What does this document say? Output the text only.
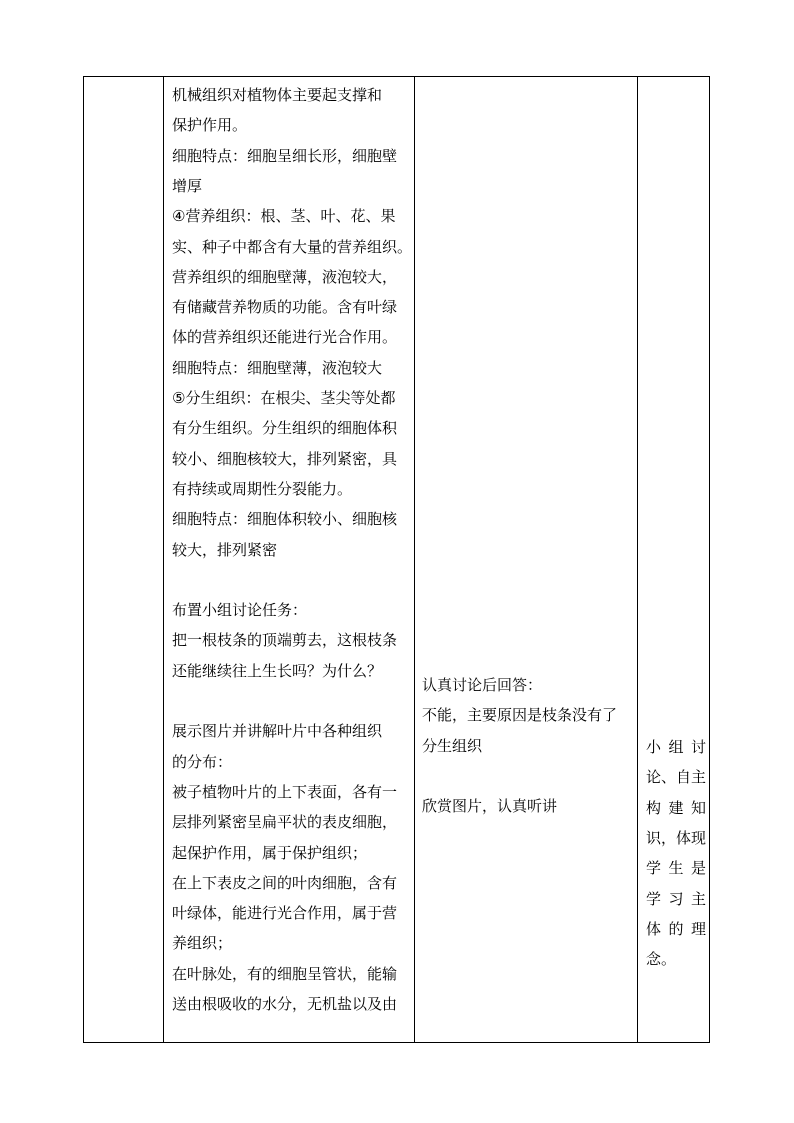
机械组织对植物体主要起支撑和
保护作用。
细胞特点：细胞呈细长形，细胞壁
增厚
④营养组织：根、茎、叶、花、果
实、种子中都含有大量的营养组织。
营养组织的细胞壁薄，液泡较大，
有储藏营养物质的功能。含有叶绿
体的营养组织还能进行光合作用。
细胞特点：细胞壁薄，液泡较大
⑤分生组织：在根尖、茎尖等处都
有分生组织。分生组织的细胞体积
较小、细胞核较大，排列紧密，具
有持续或周期性分裂能力。
细胞特点：细胞体积较小、细胞核
较大，排列紧密
布置小组讨论任务：
把一根枝条的顶端剪去，这根枝条
还能继续往上生长吗？为什么？
展示图片并讲解叶片中各种组织
的分布：
被子植物叶片的上下表面，各有一
层排列紧密呈扁平状的表皮细胞，
起保护作用，属于保护组织；
在上下表皮之间的叶肉细胞，含有
叶绿体，能进行光合作用，属于营
养组织；
在叶脉处，有的细胞呈管状，能输
送由根吸收的水分，无机盐以及由
认真讨论后回答：
不能，主要原因是枝条没有了
分生组织
欣赏图片，认真听讲
小 组 讨
论、自主
构 建 知
识，体现
学 生 是
学 习 主
体 的 理
念。
